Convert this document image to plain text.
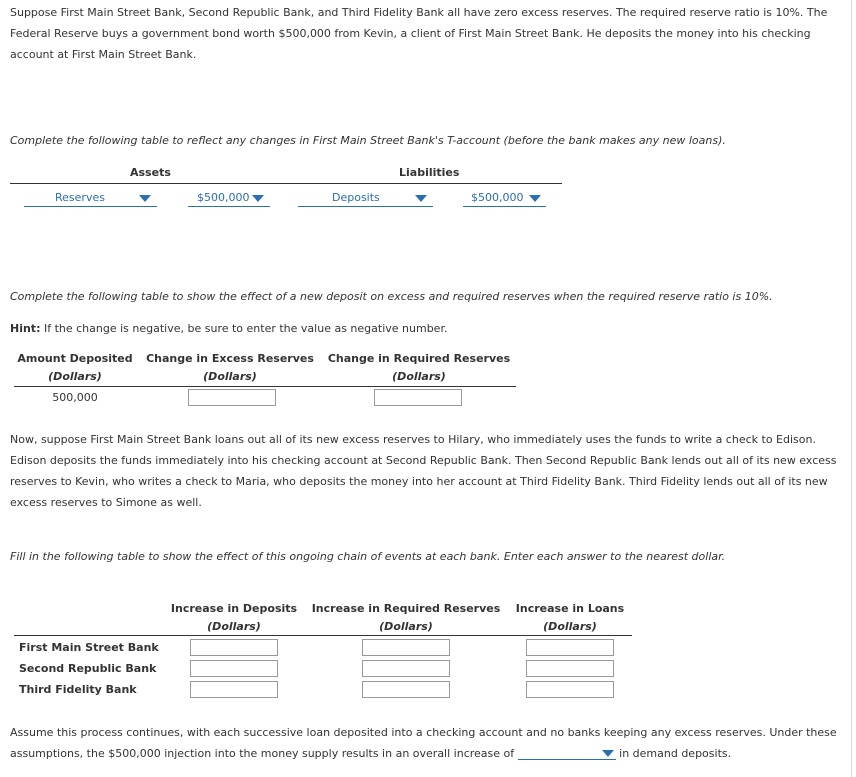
Suppose First Main Street Bank, Second Republic Bank, and Third Fidelity Bank all have zero excess reserves. The required reserve ratio is 10%. The Federal Reserve buys a government bond worth $500,000 from Kevin, a client of First Main Street Bank. He deposits the money into his checking account at First Main Street Bank.

Complete the following table to reflect any changes in First Main Street Bank's T-account (before the bank makes any new loans).

Assets	Liabilities
Reserves	$500,000	Deposits	$500,000

Complete the following table to show the effect of a new deposit on excess and required reserves when the required reserve ratio is 10%.

Hint: If the change is negative, be sure to enter the value as negative number.

Amount Deposited	Change in Excess Reserves	Change in Required Reserves
(Dollars)	(Dollars)	(Dollars)
500,000

Now, suppose First Main Street Bank loans out all of its new excess reserves to Hilary, who immediately uses the funds to write a check to Edison. Edison deposits the funds immediately into his checking account at Second Republic Bank. Then Second Republic Bank lends out all of its new excess reserves to Kevin, who writes a check to Maria, who deposits the money into her account at Third Fidelity Bank. Third Fidelity lends out all of its new excess reserves to Simone as well.

Fill in the following table to show the effect of this ongoing chain of events at each bank. Enter each answer to the nearest dollar.

Increase in Deposits	Increase in Required Reserves	Increase in Loans
(Dollars)	(Dollars)	(Dollars)
First Main Street Bank
Second Republic Bank
Third Fidelity Bank

Assume this process continues, with each successive loan deposited into a checking account and no banks keeping any excess reserves. Under these

assumptions, the $500,000 injection into the money supply results in an overall increase of	in demand deposits.
